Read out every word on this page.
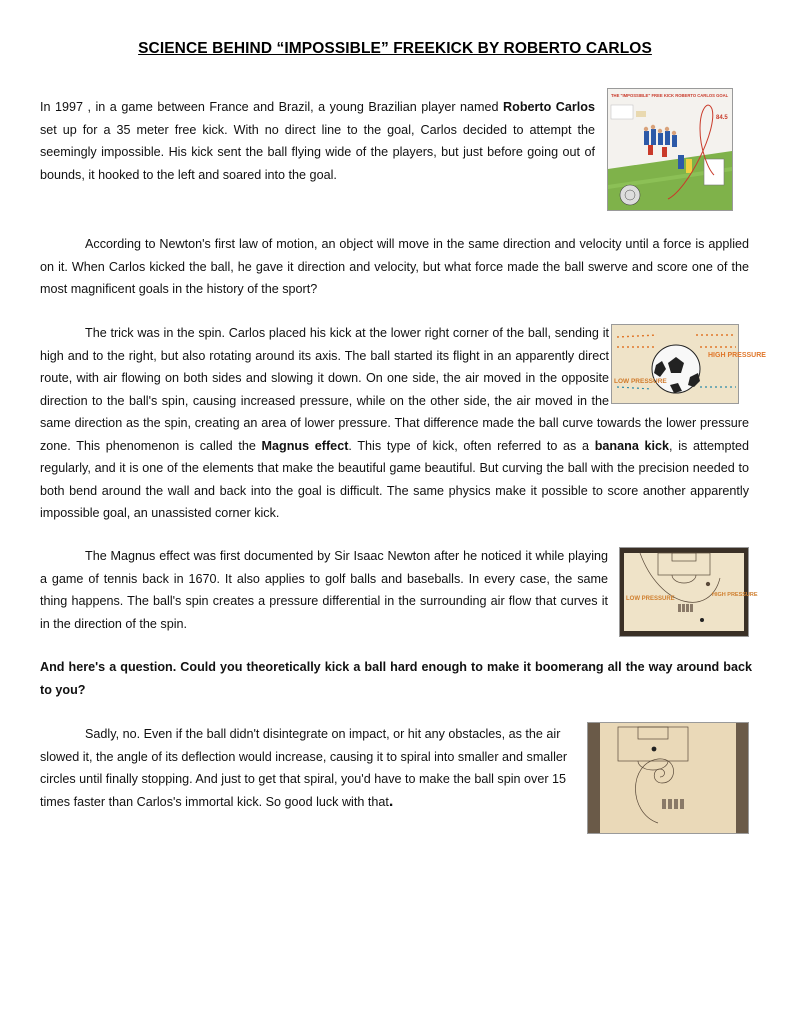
SCIENCE BEHIND “IMPOSSIBLE” FREEKICK BY ROBERTO CARLOS

In 1997 , in a game between France and Brazil, a young Brazilian player named Roberto Carlos set up for a 35 meter free kick. With no direct line to the goal, Carlos decided to attempt the seemingly impossible. His kick sent the ball flying wide of the players, but just before going out of bounds, it hooked to the left and soared into the goal.

THE "IMPOSSIBLE" FREE KICK ROBERTO CARLOS GOAL
84.5

According to Newton's first law of motion, an object will move in the same direction and velocity until a force is applied on it. When Carlos kicked the ball, he gave it direction and velocity, but what force made the ball swerve and score one of the most magnificent goals in the history of the sport?

The trick was in the spin. Carlos placed his kick at the lower right corner of the ball, sending it high and to the right, but also rotating around its axis. The ball started its flight in an apparently direct route, with air flowing on both sides and slowing it down. On one side, the air moved in the opposite direction to the ball's spin, causing increased pressure, while on the other side, the air moved in the same direction as the spin, creating an area of lower pressure. That difference made the ball curve towards the lower pressure zone. This phenomenon is called the Magnus effect. This type of kick, often referred to as a banana kick, is attempted regularly, and it is one of the elements that make the beautiful game beautiful. But curving the ball with the precision needed to both bend around the wall and back into the goal is difficult. The same physics make it possible to score another apparently impossible goal, an unassisted corner kick.
HIGH PRESSURE
LOW PRESSURE

The Magnus effect was first documented by Sir Isaac Newton after he noticed it while playing a game of tennis back in 1670. It also applies to golf balls and baseballs. In every case, the same thing happens. The ball's spin creates a pressure differential in the surrounding air flow that curves it in the direction of the spin.

LOW PRESSURE
HIGH PRESSURE

And here's a question. Could you theoretically kick a ball hard enough to make it boomerang all the way around back to you?

Sadly, no. Even if the ball didn't disintegrate on impact, or hit any obstacles, as the air slowed it, the angle of its deflection would increase, causing it to spiral into smaller and smaller circles until finally stopping. And just to get that spiral, you'd have to make the ball spin over 15 times faster than Carlos's immortal kick. So good luck with that.
